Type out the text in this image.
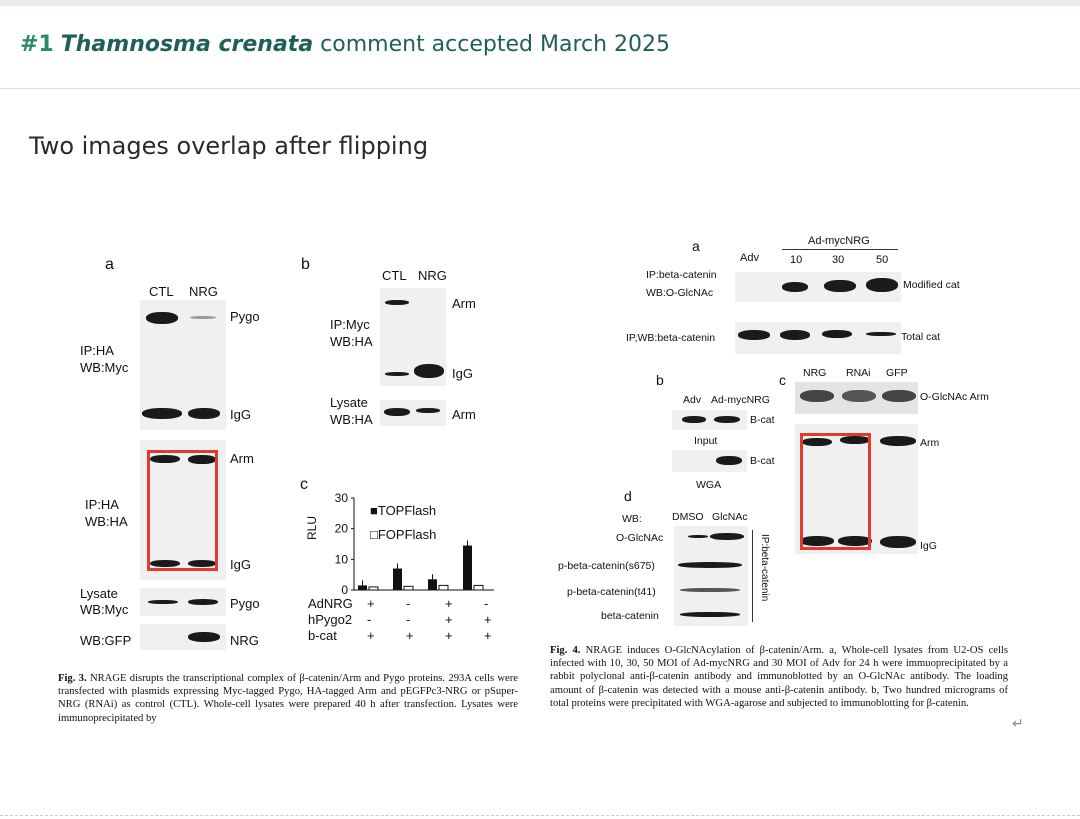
#1 Thamnosma crenata comment accepted March 2025
Two images overlap after flipping
a
CTL NRG
Pygo
IP:HA
WB:Myc
IgG
Arm
IP:HA
WB:HA
IgG
Lysate
WB:Myc	Pygo
WB:GFP	NRG
b
CTL NRG
Arm
IP:Myc
WB:HA
IgG
Lysate
WB:HA	Arm
c
30
20
10
0
RLU
■TOPFlash
□FOPFlash
AdNRG + -	+ -
hPygo2 -	-	+ +
b-cat + + + +
Fig. 3. NRAGE disrupts the transcriptional complex of β-catenin/Arm and Pygo proteins. 293A cells were transfected with plasmids expressing Myc-tagged Pygo, HA-tagged Arm and pEGFPc3-NRG or pSuper-NRG (RNAi) as control (CTL). Whole-cell lysates were prepared 40 h after transfection. Lysates were immunoprecipitated by
a
Adv
Ad-mycNRG
10	30	50
IP:beta-catenin
WB:O-GlcNAc
Modified cat
IP,WB:beta-catenin	Total cat
b
Adv Ad-mycNRG
B-cat
Input
B-cat
WGA
c NRG RNAi GFP
O-GlcNAc Arm
Arm
IgG
d
WB:	DMSO GlcNAc
O-GlcNAc
p-beta-catenin(s675)
p-beta-catenin(t41)
beta-catenin
IP:beta-catenin
Fig. 4. NRAGE induces O-GlcNAcylation of β-catenin/Arm. a, Whole-cell lysates from U2-OS cells infected with 10, 30, 50 MOI of Ad-mycNRG and 30 MOI of Adv for 24 h were immuoprecipitated by a rabbit polyclonal anti-β-catenin antibody and immunoblotted by an O-GlcNAc antibody. The loading amount of β-catenin was detected with a mouse anti-β-catenin antibody. b, Two hundred micrograms of total proteins were precipitated with WGA-agarose and subjected to immunoblotting for β-catenin.
↵
